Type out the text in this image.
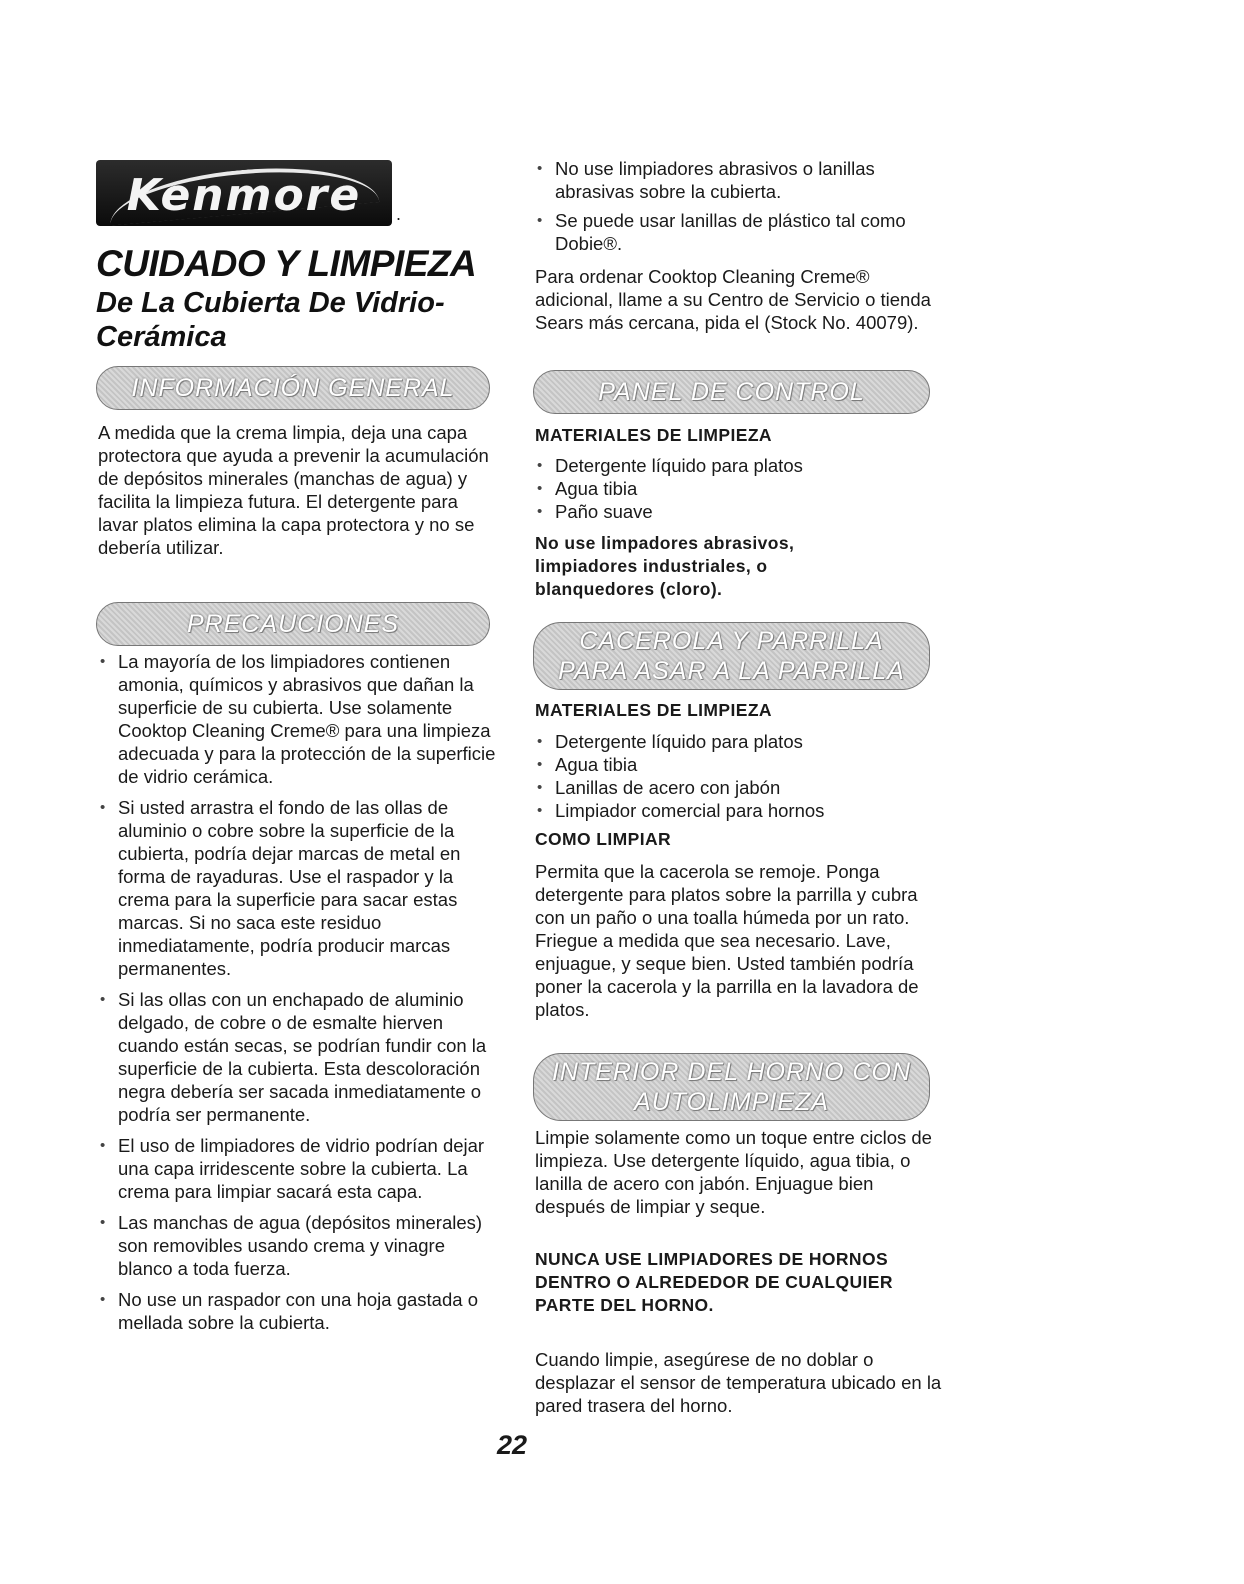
Kenmore	.
CUIDADO Y LIMPIEZA
De La Cubierta De Vidrio-Cerámica
INFORMACIÓN GENERAL

A medida que la crema limpia, deja una capa protectora que ayuda a prevenir la acumulación de depósitos minerales (manchas de agua) y facilita la limpieza futura. El detergente para lavar platos elimina la capa protectora y no se debería utilizar.

PRECAUCIONES
• La mayoría de los limpiadores contienen amonia, químicos y abrasivos que dañan la superficie de su cubierta. Use solamente Cooktop Cleaning Creme® para una limpieza adecuada y para la protección de la superficie de vidrio cerámica.
• Si usted arrastra el fondo de las ollas de aluminio o cobre sobre la superficie de la cubierta, podría dejar marcas de metal en forma de rayaduras. Use el raspador y la crema para la superficie para sacar estas marcas. Si no saca este residuo inmediatamente, podría producir marcas permanentes.
• Si las ollas con un enchapado de aluminio delgado, de cobre o de esmalte hierven cuando están secas, se podrían fundir con la superficie de la cubierta. Esta descoloración negra debería ser sacada inmediatamente o podría ser permanente.
• El uso de limpiadores de vidrio podrían dejar una capa irridescente sobre la cubierta. La crema para limpiar sacará esta capa.
• Las manchas de agua (depósitos minerales) son removibles usando crema y vinagre blanco a toda fuerza.
• No use un raspador con una hoja gastada o mellada sobre la cubierta.
• No use limpiadores abrasivos o lanillas abrasivas sobre la cubierta.
• Se puede usar lanillas de plástico tal como Dobie®.

Para ordenar Cooktop Cleaning Creme® adicional, llame a su Centro de Servicio o tienda Sears más cercana, pida el (Stock No. 40079).

PANEL DE CONTROL

MATERIALES DE LIMPIEZA

• Detergente líquido para platos
• Agua tibia
• Paño suave

No use limpadores abrasivos, limpiadores industriales, o blanquedores (cloro).

CACEROLA Y PARRILLA
PARA ASAR A LA PARRILLA

MATERIALES DE LIMPIEZA

• Detergente líquido para platos
• Agua tibia
• Lanillas de acero con jabón
• Limpiador comercial para hornos

COMO LIMPIAR

Permita que la cacerola se remoje. Ponga detergente para platos sobre la parrilla y cubra con un paño o una toalla húmeda por un rato. Friegue a medida que sea necesario. Lave, enjuague, y seque bien. Usted también podría poner la cacerola y la parrilla en la lavadora de platos.

INTERIOR DEL HORNO CON
AUTOLIMPIEZA

Limpie solamente como un toque entre ciclos de limpieza. Use detergente líquido, agua tibia, o lanilla de acero con jabón. Enjuague bien después de limpiar y seque.

NUNCA USE LIMPIADORES DE HORNOS DENTRO O ALREDEDOR DE CUALQUIER PARTE DEL HORNO.

Cuando limpie, asegúrese de no doblar o desplazar el sensor de temperatura ubicado en la pared trasera del horno.

22
